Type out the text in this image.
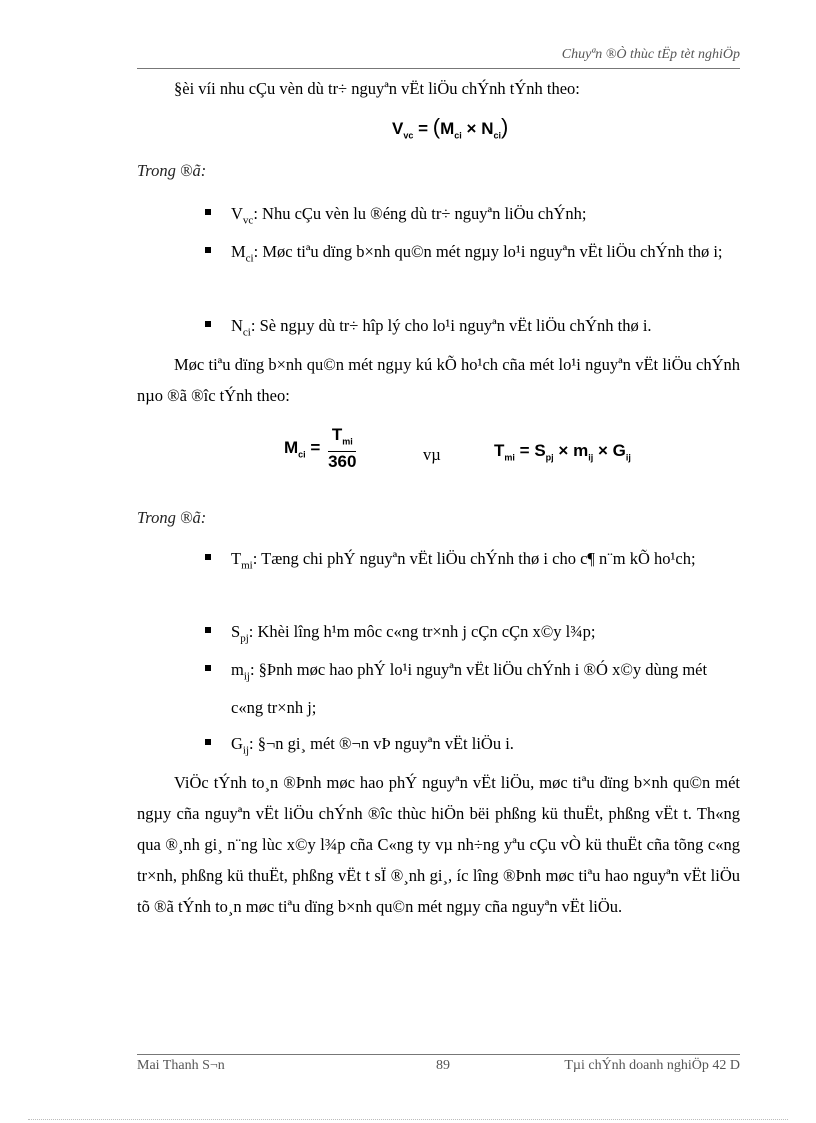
Chuyªn ®Ò thùc tËp tèt nghiÖp
§èi víi nhu cÇu vèn dù tr÷ nguyªn vËt liÖu chÝnh tÝnh theo:
$V_{vc} = (M_{ci} \times N_{ci})$
Trong ®ã:
$V_{vc}$: Nhu cÇu vèn lu ®éng dù tr÷ nguyªn liÖu chÝnh;
$M_{ci}$: Møc tiªu dïng b×nh qu©n mét ngµy lo¹i nguyªn vËt liÖu chÝnh thø i;
$N_{ci}$: Sè ngµy dù tr÷ hîp lý cho lo¹i nguyªn vËt liÖu chÝnh thø i.
Møc tiªu dïng b×nh qu©n mét ngµy kú kÕ ho¹ch cña mét lo¹i nguyªn vËt liÖu chÝnh nµo ®ã ®îc tÝnh theo:
$M_{ci} = \frac{T_{mi}}{360}$	vµ	$T_{mi} = S_{pj} \times m_{ij} \times G_{ij}$
Trong ®ã:
$T_{mi}$: Tæng chi phÝ nguyªn vËt liÖu chÝnh thø i cho c¶ n¨m kÕ ho¹ch;
$S_{pj}$: Khèi lîng h¹m môc c«ng tr×nh j cÇn cÇn x©y l¾p;
$m_{ij}$: §Þnh møc hao phÝ lo¹i nguyªn vËt liÖu chÝnh i ®Ó x©y dùng mét c«ng tr×nh j;
$G_{ij}$: §¬n gi¸ mét ®¬n vÞ nguyªn vËt liÖu i.
ViÖc tÝnh to¸n ®Þnh møc hao phÝ nguyªn vËt liÖu, møc tiªu dïng b×nh qu©n mét ngµy cña nguyªn vËt liÖu chÝnh ®îc thùc hiÖn bëi phßng kü thuËt, phßng vËt t. Th«ng qua ®¸nh gi¸ n¨ng lùc x©y l¾p cña C«ng ty vµ nh÷ng yªu cÇu vÒ kü thuËt cña tõng c«ng tr×nh, phßng kü thuËt, phßng vËt t sÏ ®¸nh gi¸, íc lîng ®Þnh møc tiªu hao nguyªn vËt liÖu tõ ®ã tÝnh to¸n møc tiªu dïng b×nh qu©n mét ngµy cña nguyªn vËt liÖu.
Mai Thanh S¬n	89	Tµi chÝnh doanh nghiÖp 42 D
